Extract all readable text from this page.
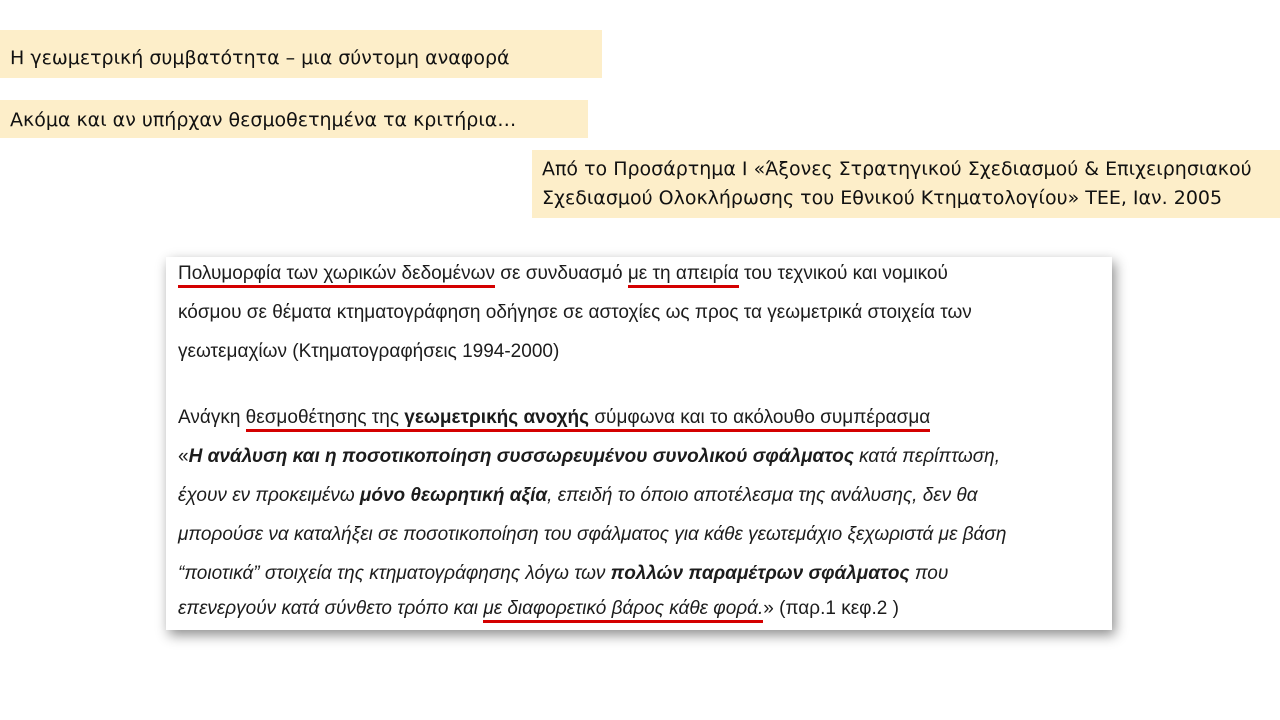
Η γεωμετρική συμβατότητα – μια σύντομη αναφορά
Ακόμα και αν υπήρχαν θεσμοθετημένα τα κριτήρια…
Από το Προσάρτημα Ι «Άξονες Στρατηγικού Σχεδιασμού & Επιχειρησιακού
Σχεδιασμού Ολοκλήρωσης του Εθνικού Κτηματολογίου» ΤΕΕ, Ιαν. 2005
Πολυμορφία των χωρικών δεδομένων σε συνδυασμό με τη απειρία του τεχνικού και νομικού
κόσμου σε θέματα κτηματογράφηση οδήγησε σε αστοχίες ως προς τα γεωμετρικά στοιχεία των
γεωτεμαχίων (Κτηματογραφήσεις 1994-2000)
Ανάγκη θεσμοθέτησης της γεωμετρικής ανοχής σύμφωνα και το ακόλουθο συμπέρασμα
«Η ανάλυση και η ποσοτικοποίηση συσσωρευμένου συνολικού σφάλματος κατά περίπτωση,
έχουν εν προκειμένω μόνο θεωρητική αξία, επειδή το όποιο αποτέλεσμα της ανάλυσης, δεν θα
μπορούσε να καταλήξει σε ποσοτικοποίηση του σφάλματος για κάθε γεωτεμάχιο ξεχωριστά με βάση
“ποιοτικά” στοιχεία της κτηματογράφησης λόγω των πολλών παραμέτρων σφάλματος που
επενεργούν κατά σύνθετο τρόπο και με διαφορετικό βάρος κάθε φορά.» (παρ.1 κεφ.2 )
